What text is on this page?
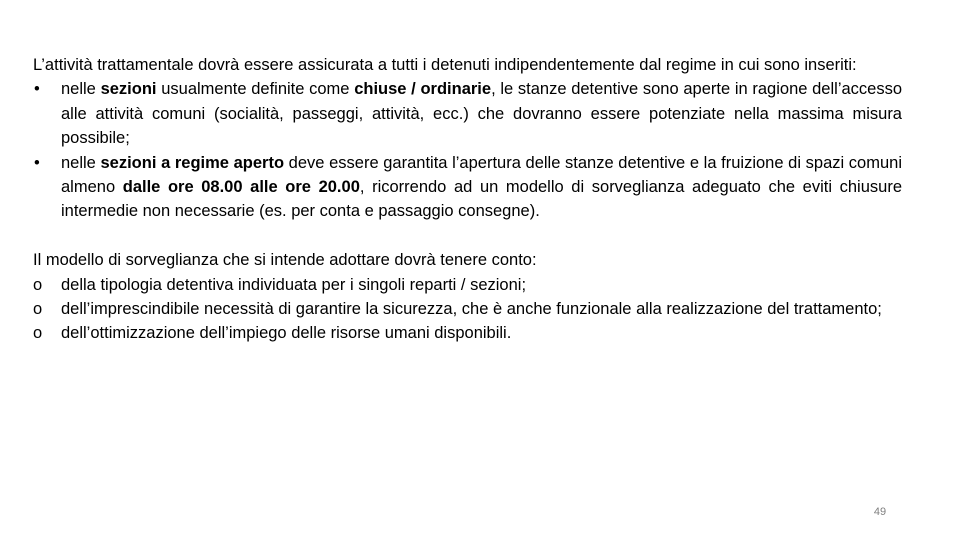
L’attività trattamentale dovrà essere assicurata a tutti i detenuti indipendentemente dal regime in cui sono inseriti:

•	nelle sezioni usualmente definite come chiuse / ordinarie, le stanze detentive sono aperte in ragione dell’accesso alle attività comuni (socialità, passeggi, attività, ecc.) che dovranno essere potenziate nella massima misura possibile;
•	nelle sezioni a regime aperto deve essere garantita l’apertura delle stanze detentive e la fruizione di spazi comuni almeno dalle ore 08.00 alle ore 20.00, ricorrendo ad un modello di sorveglianza adeguato che eviti chiusure intermedie non necessarie (es. per conta e passaggio consegne).

Il modello di sorveglianza che si intende adottare dovrà tenere conto:

o	della tipologia detentiva individuata per i singoli reparti / sezioni;
o	dell’imprescindibile necessità di garantire la sicurezza, che è anche funzionale alla realizzazione del trattamento;
o	dell’ottimizzazione dell’impiego delle risorse umani disponibili.
49
